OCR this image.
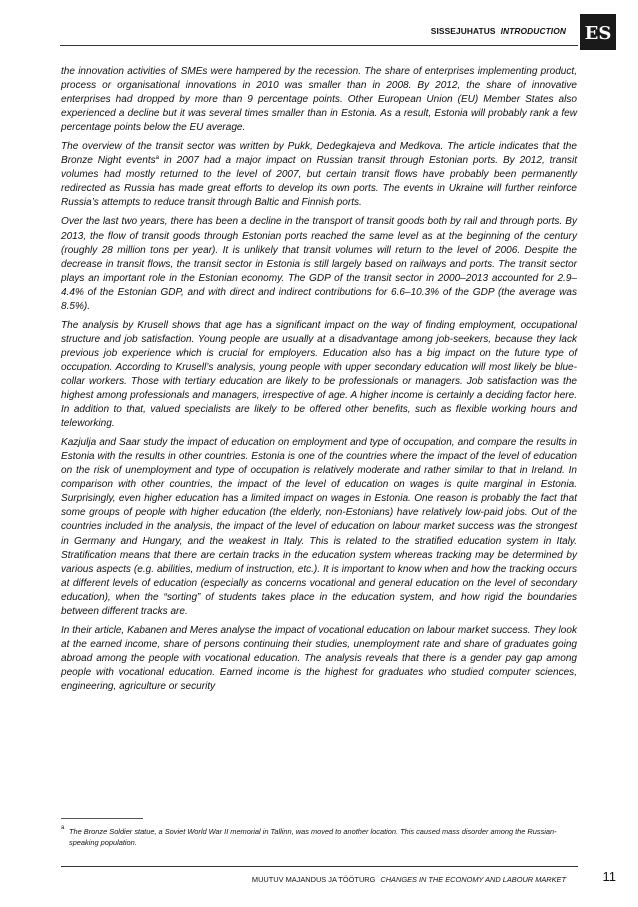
SISSEJUHATUS INTRODUCTION ES

the innovation activities of SMEs were hampered by the recession. The share of enterprises implementing product, process or organisational innovations in 2010 was smaller than in 2008. By 2012, the share of innovative enterprises had dropped by more than 9 percentage points. Other European Union (EU) Member States also experienced a decline but it was several times smaller than in Estonia. As a result, Estonia will probably rank a few percentage points below the EU average.

The overview of the transit sector was written by Pukk, Dedegkajeva and Medkova. The article indicates that the Bronze Night events$^a$ in 2007 had a major impact on Russian transit through Estonian ports. By 2012, transit volumes had mostly returned to the level of 2007, but certain transit flows have probably been permanently redirected as Russia has made great efforts to develop its own ports. The events in Ukraine will further reinforce Russia’s attempts to reduce transit through Baltic and Finnish ports.

Over the last two years, there has been a decline in the transport of transit goods both by rail and through ports. By 2013, the flow of transit goods through Estonian ports reached the same level as at the beginning of the century (roughly 28 million tons per year). It is unlikely that transit volumes will return to the level of 2006. Despite the decrease in transit flows, the transit sector in Estonia is still largely based on railways and ports. The transit sector plays an important role in the Estonian economy. The GDP of the transit sector in 2000–2013 accounted for 2.9–4.4% of the Estonian GDP, and with direct and indirect contributions for 6.6–10.3% of the GDP (the average was 8.5%).

The analysis by Krusell shows that age has a significant impact on the way of finding employment, occupational structure and job satisfaction. Young people are usually at a disadvantage among job-seekers, because they lack previous job experience which is crucial for employers. Education also has a big impact on the future type of occupation. According to Krusell’s analysis, young people with upper secondary education will most likely be blue-collar workers. Those with tertiary education are likely to be professionals or managers. Job satisfaction was the highest among professionals and managers, irrespective of age. A higher income is certainly a deciding factor here. In addition to that, valued specialists are likely to be offered other benefits, such as flexible working hours and teleworking.

Kazjulja and Saar study the impact of education on employment and type of occupation, and compare the results in Estonia with the results in other countries. Estonia is one of the countries where the impact of the level of education on the risk of unemployment and type of occupation is relatively moderate and rather similar to that in Ireland. In comparison with other countries, the impact of the level of education on wages is quite marginal in Estonia. Surprisingly, even higher education has a limited impact on wages in Estonia. One reason is probably the fact that some groups of people with higher education (the elderly, non-Estonians) have relatively low-paid jobs. Out of the countries included in the analysis, the impact of the level of education on labour market success was the strongest in Germany and Hungary, and the weakest in Italy. This is related to the stratified education system in Italy. Stratification means that there are certain tracks in the education system whereas tracking may be determined by various aspects (e.g. abilities, medium of instruction, etc.). It is important to know when and how the tracking occurs at different levels of education (especially as concerns vocational and general education on the level of secondary education), when the “sorting” of students takes place in the education system, and how rigid the boundaries between different tracks are.

In their article, Kabanen and Meres analyse the impact of vocational education on labour market success. They look at the earned income, share of persons continuing their studies, unemployment rate and share of graduates going abroad among the people with vocational education. The analysis reveals that there is a gender pay gap among people with vocational education. Earned income is the highest for graduates who studied computer sciences, engineering, agriculture or security

a The Bronze Soldier statue, a Soviet World War II memorial in Tallinn, was moved to another location. This caused mass disorder among the Russian-speaking population.
MUUTUV MAJANDUS JA TÖÖTURG CHANGES IN THE ECONOMY AND LABOUR MARKET	11
